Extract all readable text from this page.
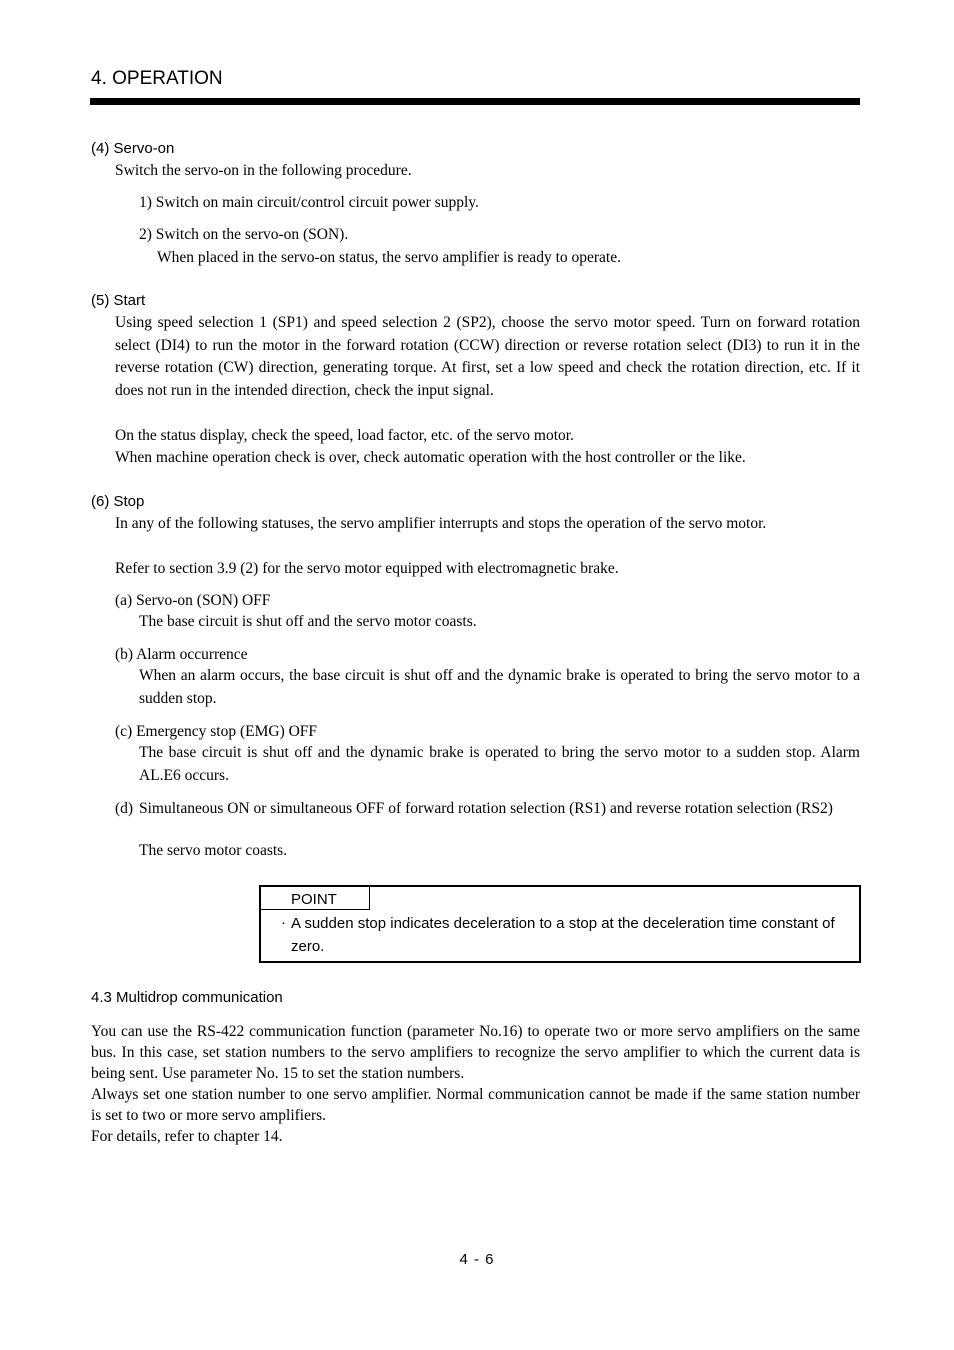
4. OPERATION
(4) Servo-on
Switch the servo-on in the following procedure.
1) Switch on main circuit/control circuit power supply.
2) Switch on the servo-on (SON).
When placed in the servo-on status, the servo amplifier is ready to operate.
(5) Start
Using speed selection 1 (SP1) and speed selection 2 (SP2), choose the servo motor speed. Turn on forward rotation select (DI4) to run the motor in the forward rotation (CCW) direction or reverse rotation select (DI3) to run it in the reverse rotation (CW) direction, generating torque. At first, set a low speed and check the rotation direction, etc. If it does not run in the intended direction, check the input signal.
On the status display, check the speed, load factor, etc. of the servo motor.
When machine operation check is over, check automatic operation with the host controller or the like.
(6) Stop
In any of the following statuses, the servo amplifier interrupts and stops the operation of the servo motor.
Refer to section 3.9 (2) for the servo motor equipped with electromagnetic brake.
(a) Servo-on (SON) OFF
The base circuit is shut off and the servo motor coasts.
(b) Alarm occurrence
When an alarm occurs, the base circuit is shut off and the dynamic brake is operated to bring the servo motor to a sudden stop.
(c) Emergency stop (EMG) OFF
The base circuit is shut off and the dynamic brake is operated to bring the servo motor to a sudden stop. Alarm AL.E6 occurs.
(d) Simultaneous ON or simultaneous OFF of forward rotation selection (RS1) and reverse rotation selection (RS2)
The servo motor coasts.
POINT
· A sudden stop indicates deceleration to a stop at the deceleration time constant of zero.
4.3 Multidrop communication
You can use the RS-422 communication function (parameter No.16) to operate two or more servo amplifiers on the same bus. In this case, set station numbers to the servo amplifiers to recognize the servo amplifier to which the current data is being sent. Use parameter No. 15 to set the station numbers.
Always set one station number to one servo amplifier. Normal communication cannot be made if the same station number is set to two or more servo amplifiers.
For details, refer to chapter 14.
4 - 6
